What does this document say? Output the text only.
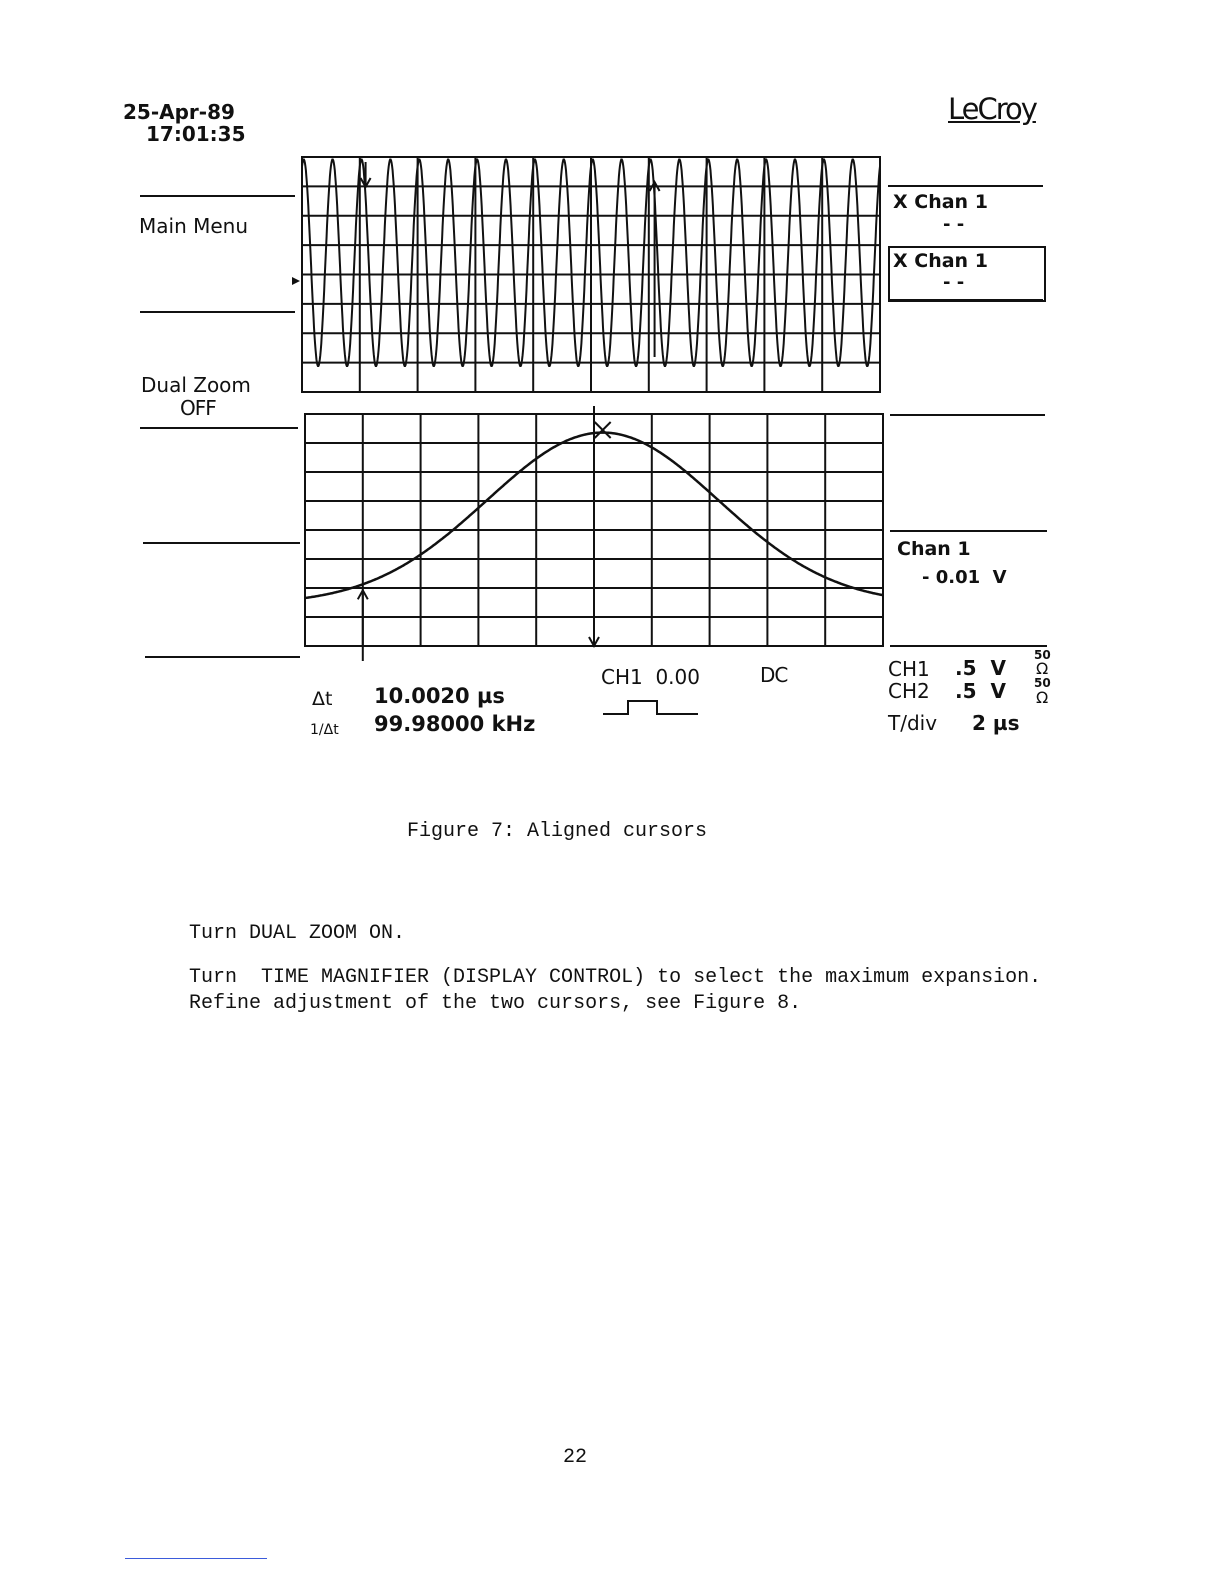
25-Apr-89
17:01:35
LeCroy
Main Menu
Dual Zoom
OFF
X Chan 1
- -
X Chan 1
- -
Chan 1
- 0.01  V
Δt 10.0020 µs
1/Δt 99.98000 kHz
CH1  0.00	DC	CH1 .5  V
50
Ω
CH2 .5  V 50
Ω
T/div 2 µs
Figure 7: Aligned cursors
Turn DUAL ZOOM ON.
Turn  TIME MAGNIFIER (DISPLAY CONTROL) to select the maximum expansion.
Refine adjustment of the two cursors, see Figure 8.
22
